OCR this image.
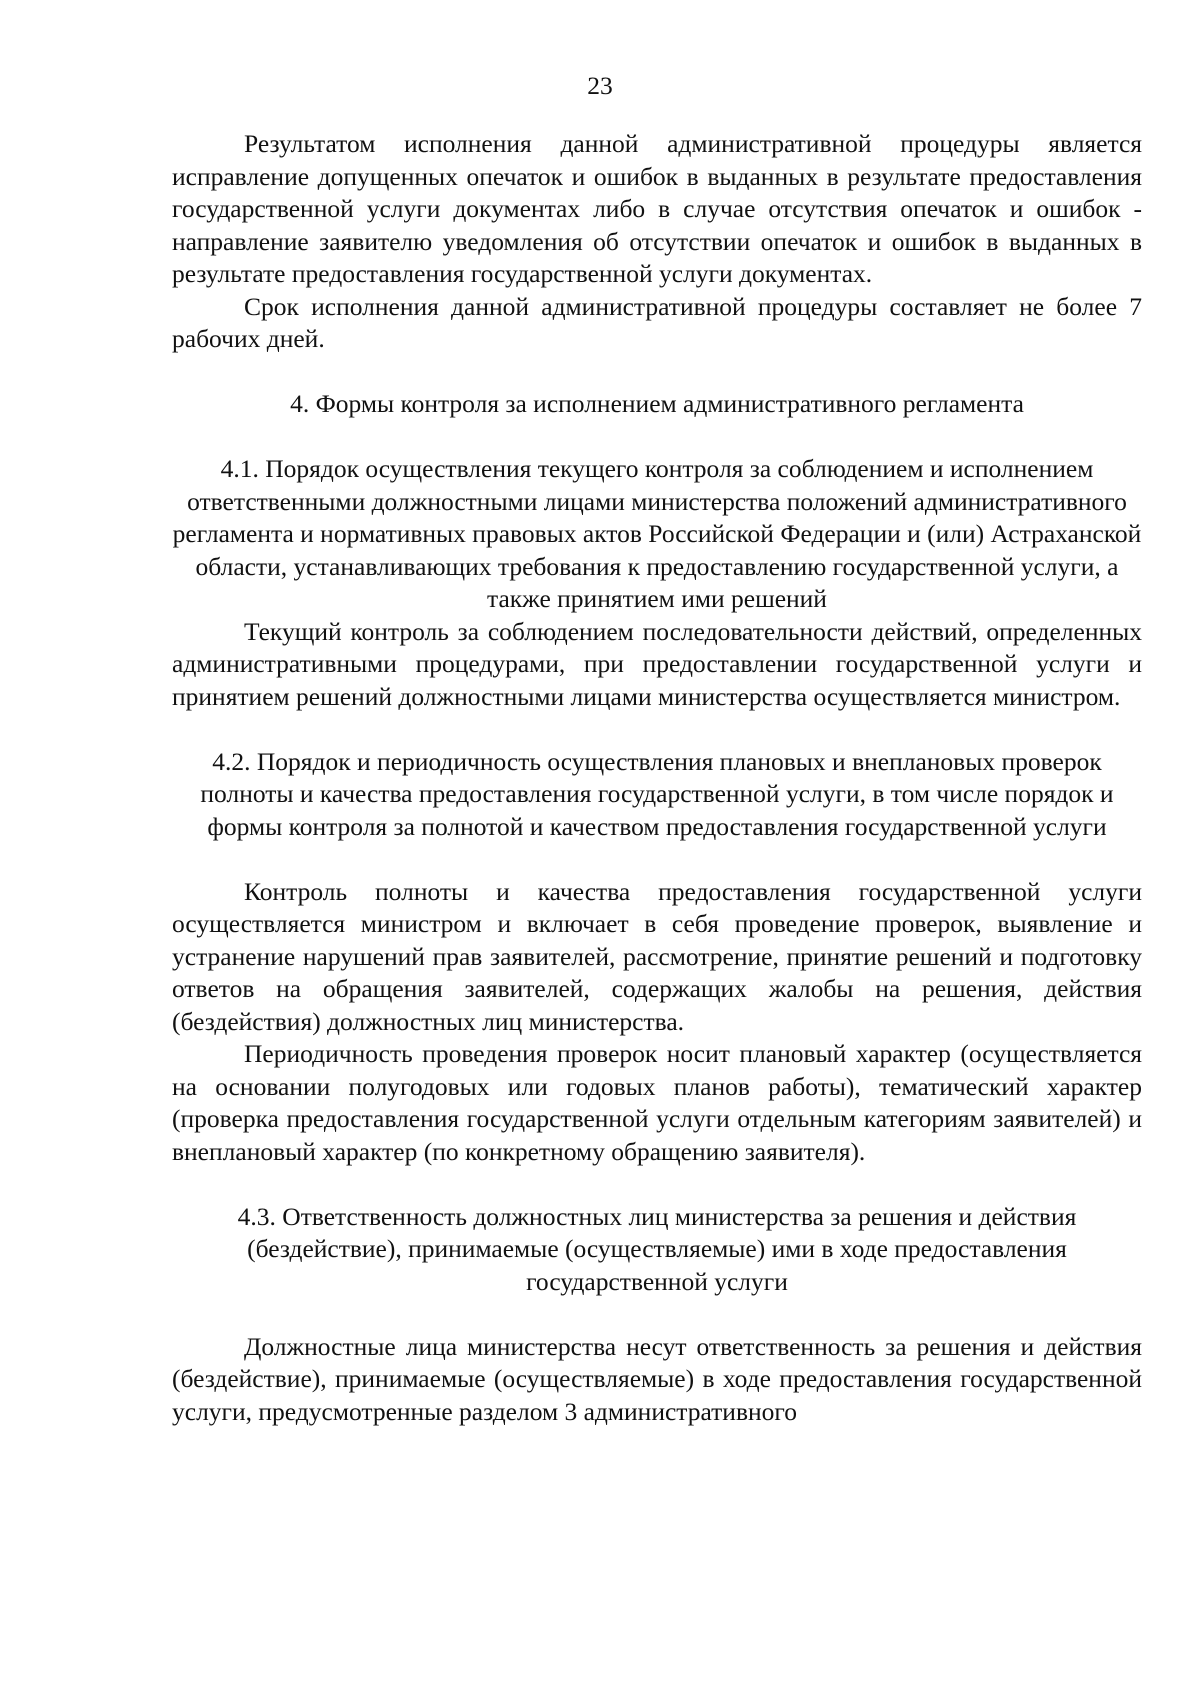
23

Результатом исполнения данной административной процедуры является исправление допущенных опечаток и ошибок в выданных в результате предоставления государственной услуги документах либо в случае отсутствия опечаток и ошибок - направление заявителю уведомления об отсутствии опечаток и ошибок в выданных в результате предоставления государственной услуги документах.

Срок исполнения данной административной процедуры составляет не более 7 рабочих дней.

4. Формы контроля за исполнением административного регламента

4.1. Порядок осуществления текущего контроля за соблюдением и исполнением ответственными должностными лицами министерства положений административного регламента и нормативных правовых актов Российской Федерации и (или) Астраханской области, устанавливающих требования к предоставлению государственной услуги, а также принятием ими решений

Текущий контроль за соблюдением последовательности действий, определенных административными процедурами, при предоставлении государственной услуги и принятием решений должностными лицами министерства осуществляется министром.

4.2. Порядок и периодичность осуществления плановых и внеплановых проверок полноты и качества предоставления государственной услуги, в том числе порядок и формы контроля за полнотой и качеством предоставления государственной услуги

Контроль полноты и качества предоставления государственной услуги осуществляется министром и включает в себя проведение проверок, выявление и устранение нарушений прав заявителей, рассмотрение, принятие решений и подготовку ответов на обращения заявителей, содержащих жалобы на решения, действия (бездействия) должностных лиц министерства.

Периодичность проведения проверок носит плановый характер (осуществляется на основании полугодовых или годовых планов работы), тематический характер (проверка предоставления государственной услуги отдельным категориям заявителей) и внеплановый характер (по конкретному обращению заявителя).

4.3. Ответственность должностных лиц министерства за решения и действия (бездействие), принимаемые (осуществляемые) ими в ходе предоставления государственной услуги

Должностные лица министерства несут ответственность за решения и действия (бездействие), принимаемые (осуществляемые) в ходе предоставления государственной услуги, предусмотренные разделом 3 административного
